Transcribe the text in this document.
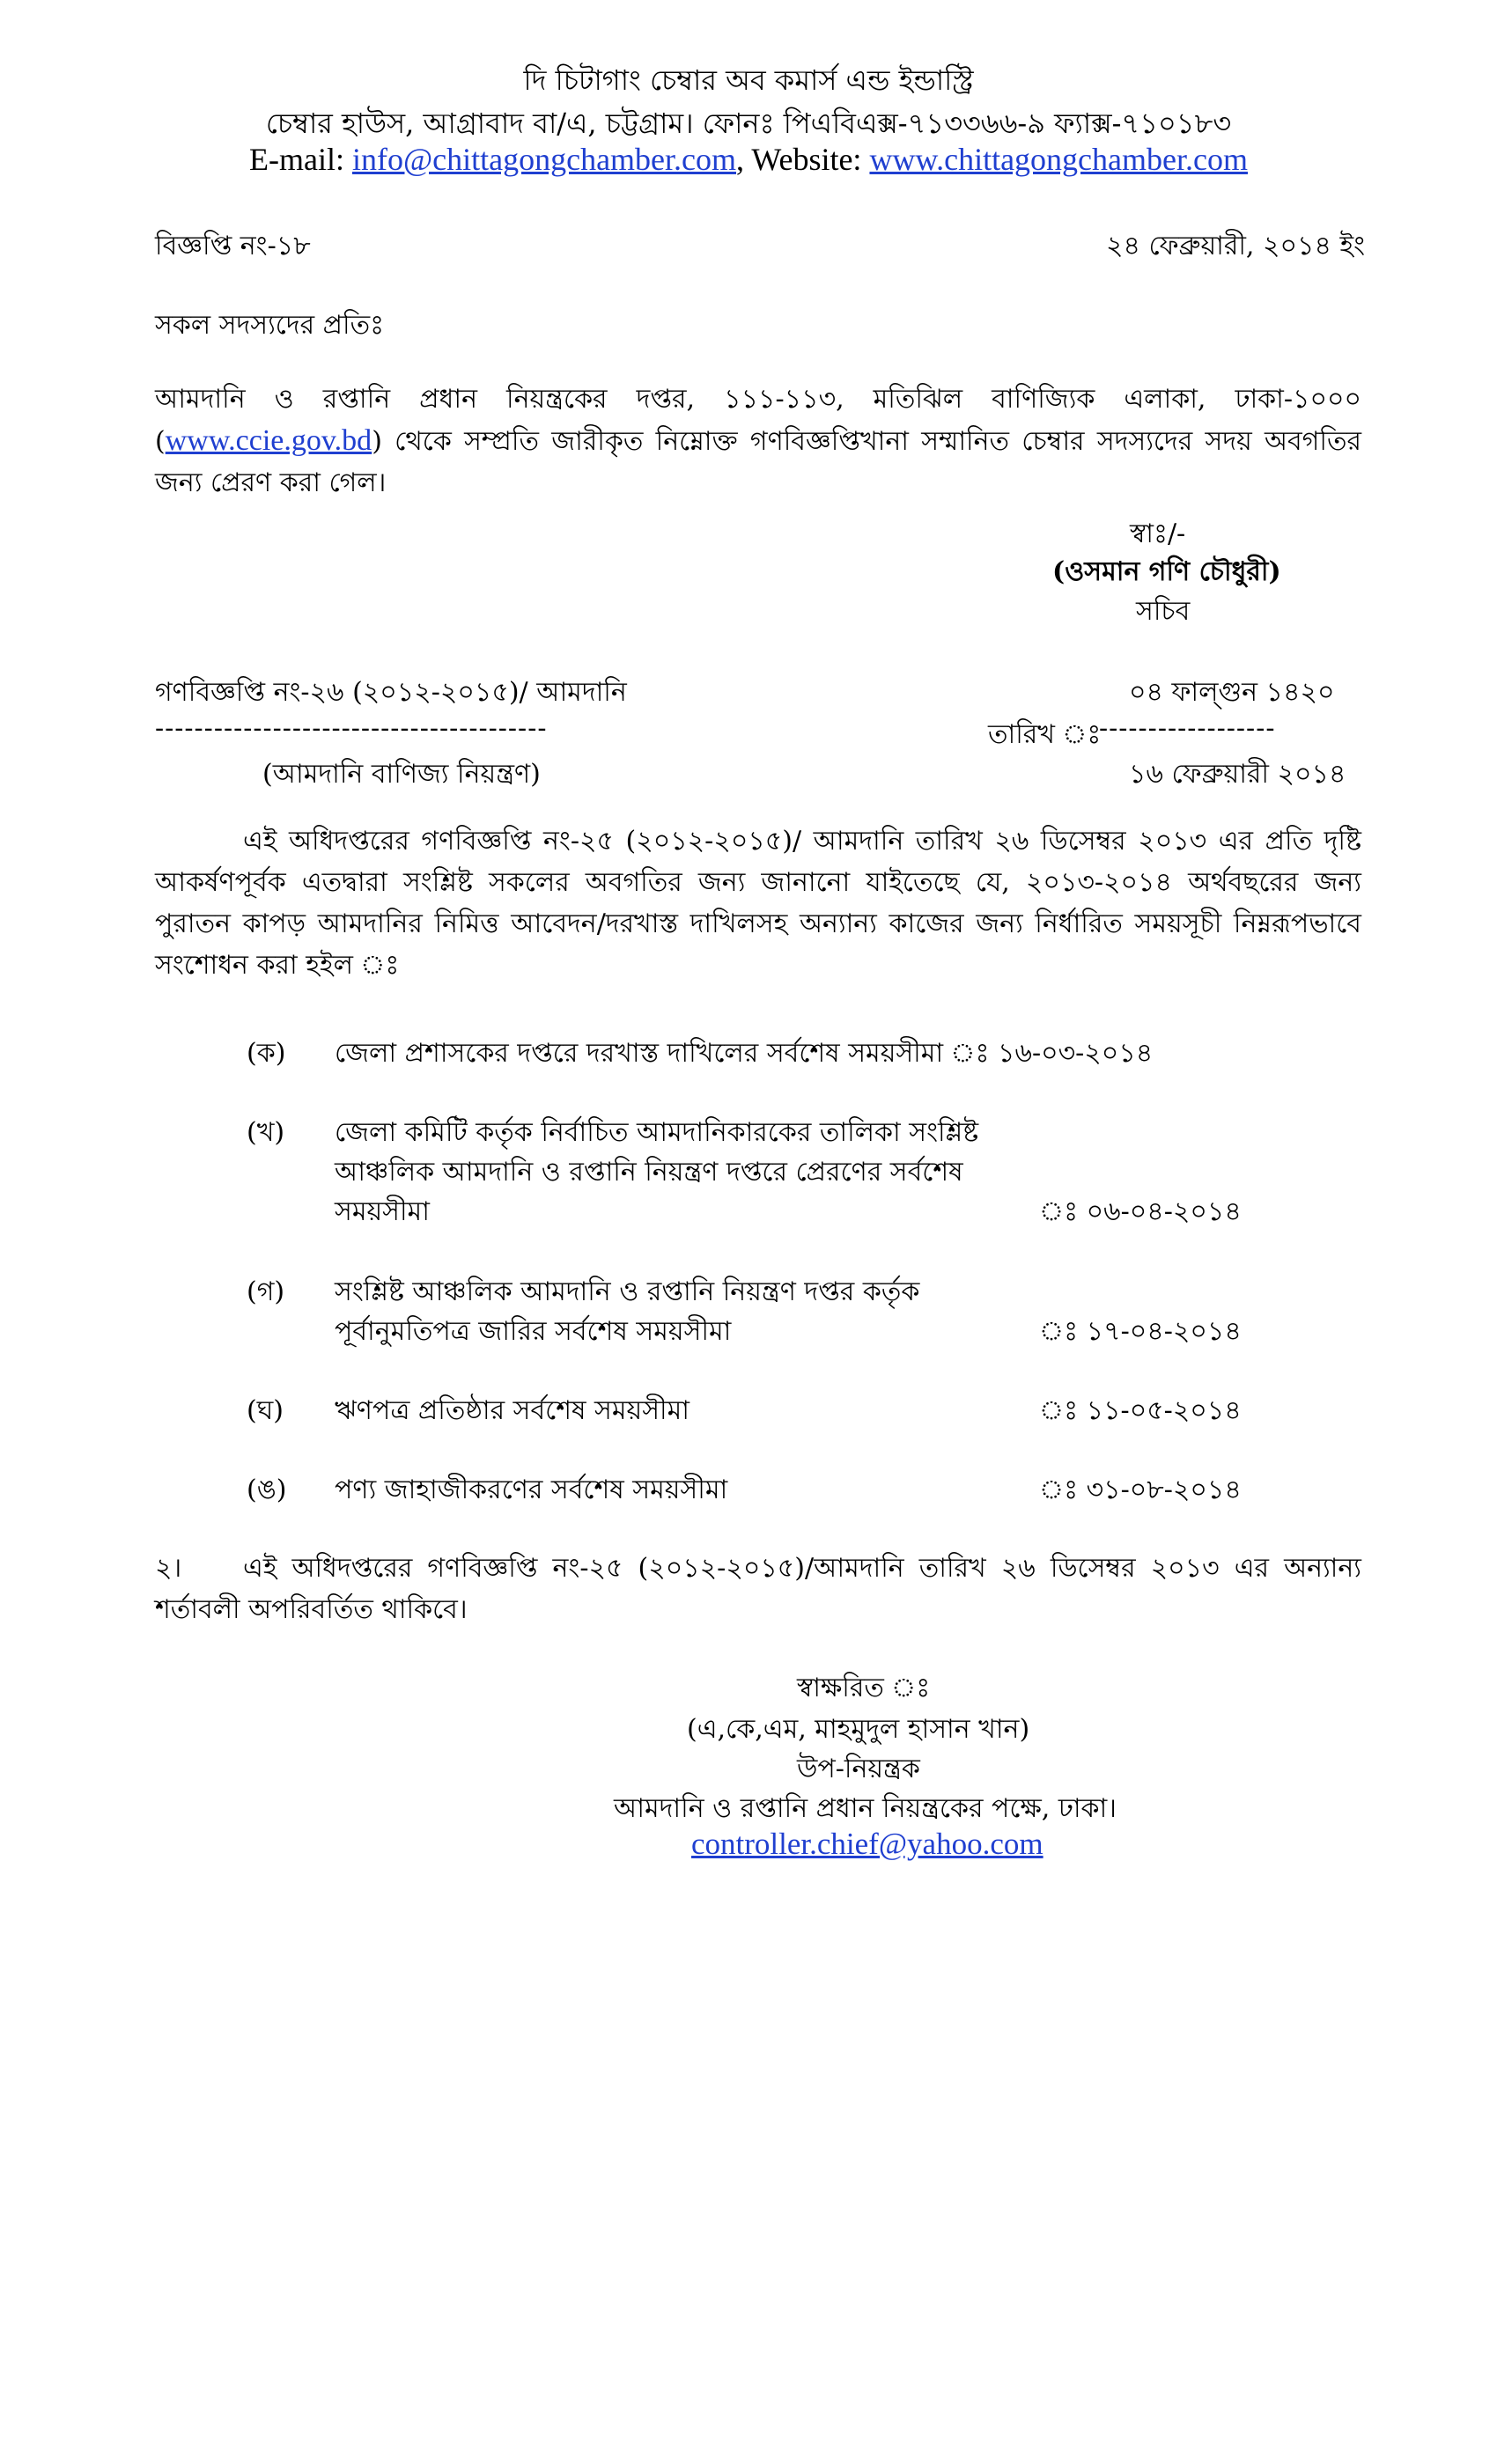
দি চিটাগাং চেম্বার অব কমার্স এন্ড ইন্ডাস্ট্রি
চেম্বার হাউস, আগ্রাবাদ বা/এ, চট্টগ্রাম। ফোনঃ পিএবিএক্স-৭১৩৩৬৬-৯ ফ্যাক্স-৭১০১৮৩
E-mail: info@chittagongchamber.com, Website: www.chittagongchamber.com
বিজ্ঞপ্তি নং-১৮	২৪ ফেব্রুয়ারী, ২০১৪ ইং
সকল সদস্যদের প্রতিঃ
আমদানি ও রপ্তানি প্রধান নিয়ন্ত্রকের দপ্তর, ১১১-১১৩, মতিঝিল বাণিজ্যিক এলাকা, ঢাকা-১০০০ (www.ccie.gov.bd) থেকে সম্প্রতি জারীকৃত নিম্নোক্ত গণবিজ্ঞপ্তিখানা সম্মানিত চেম্বার সদস্যদের সদয় অবগতির জন্য প্রেরণ করা গেল।
স্বাঃ/-
(ওসমান গণি চৌধুরী)
সচিব
গণবিজ্ঞপ্তি নং-২৬ (২০১২-২০১৫)/ আমদানি	০৪ ফাল্গুন ১৪২০
----------------------------------------	তারিখ ঃ
------------------
(আমদানি বাণিজ্য নিয়ন্ত্রণ)	১৬ ফেব্রুয়ারী ২০১৪
এই অধিদপ্তরের গণবিজ্ঞপ্তি নং-২৫ (২০১২-২০১৫)/ আমদানি তারিখ ২৬ ডিসেম্বর ২০১৩ এর প্রতি দৃষ্টি আকর্ষণপূর্বক এতদ্বারা সংশ্লিষ্ট সকলের অবগতির জন্য জানানো যাইতেছে যে, ২০১৩-২০১৪ অর্থবছরের জন্য পুরাতন কাপড় আমদানির নিমিত্ত আবেদন/দরখাস্ত দাখিলসহ অন্যান্য কাজের জন্য নির্ধারিত সময়সূচী নিম্নরূপভাবে সংশোধন করা হইল ঃ
(ক) জেলা প্রশাসকের দপ্তরে দরখাস্ত দাখিলের সর্বশেষ সময়সীমা ঃ ১৬-০৩-২০১৪
(খ) জেলা কমিটি কর্তৃক নির্বাচিত আমদানিকারকের তালিকা সংশ্লিষ্ট
আঞ্চলিক আমদানি ও রপ্তানি নিয়ন্ত্রণ দপ্তরে প্রেরণের সর্বশেষ
সময়সীমা	ঃ ০৬-০৪-২০১৪
(গ) সংশ্লিষ্ট আঞ্চলিক আমদানি ও রপ্তানি নিয়ন্ত্রণ দপ্তর কর্তৃক
পূর্বানুমতিপত্র জারির সর্বশেষ সময়সীমা	ঃ ১৭-০৪-২০১৪
(ঘ) ঋণপত্র প্রতিষ্ঠার সর্বশেষ সময়সীমা	ঃ ১১-০৫-২০১৪
(ঙ) পণ্য জাহাজীকরণের সর্বশেষ সময়সীমা	ঃ ৩১-০৮-২০১৪
২। এই অধিদপ্তরের গণবিজ্ঞপ্তি নং-২৫ (২০১২-২০১৫)/আমদানি তারিখ ২৬ ডিসেম্বর ২০১৩ এর অন্যান্য শর্তাবলী অপরিবর্তিত থাকিবে।
স্বাক্ষরিত ঃ
(এ,কে,এম, মাহমুদুল হাসান খান)
উপ-নিয়ন্ত্রক
আমদানি ও রপ্তানি প্রধান নিয়ন্ত্রকের পক্ষে, ঢাকা।
controller.chief@yahoo.com
